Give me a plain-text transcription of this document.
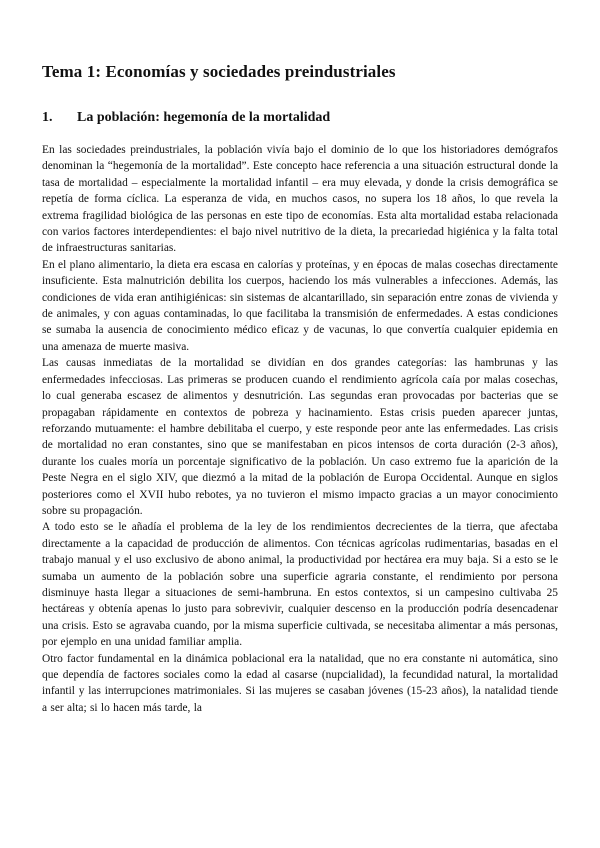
Tema 1: Economías y sociedades preindustriales
1.	La población: hegemonía de la mortalidad

En las sociedades preindustriales, la población vivía bajo el dominio de lo que los historiadores demógrafos denominan la “hegemonía de la mortalidad”. Este concepto hace referencia a una situación estructural donde la tasa de mortalidad – especialmente la mortalidad infantil – era muy elevada, y donde la crisis demográfica se repetía de forma cíclica. La esperanza de vida, en muchos casos, no supera los 18 años, lo que revela la extrema fragilidad biológica de las personas en este tipo de economías. Esta alta mortalidad estaba relacionada con varios factores interdependientes: el bajo nivel nutritivo de la dieta, la precariedad higiénica y la falta total de infraestructuras sanitarias.

En el plano alimentario, la dieta era escasa en calorías y proteínas, y en épocas de malas cosechas directamente insuficiente. Esta malnutrición debilita los cuerpos, haciendo los más vulnerables a infecciones. Además, las condiciones de vida eran antihigiénicas: sin sistemas de alcantarillado, sin separación entre zonas de vivienda y de animales, y con aguas contaminadas, lo que facilitaba la transmisión de enfermedades. A estas condiciones se sumaba la ausencia de conocimiento médico eficaz y de vacunas, lo que convertía cualquier epidemia en una amenaza de muerte masiva.

Las causas inmediatas de la mortalidad se dividían en dos grandes categorías: las hambrunas y las enfermedades infecciosas. Las primeras se producen cuando el rendimiento agrícola caía por malas cosechas, lo cual generaba escasez de alimentos y desnutrición. Las segundas eran provocadas por bacterias que se propagaban rápidamente en contextos de pobreza y hacinamiento. Estas crisis pueden aparecer juntas, reforzando mutuamente: el hambre debilitaba el cuerpo, y este responde peor ante las enfermedades. Las crisis de mortalidad no eran constantes, sino que se manifestaban en picos intensos de corta duración (2-3 años), durante los cuales moría un porcentaje significativo de la población. Un caso extremo fue la aparición de la Peste Negra en el siglo XIV, que diezmó a la mitad de la población de Europa Occidental. Aunque en siglos posteriores como el XVII hubo rebotes, ya no tuvieron el mismo impacto gracias a un mayor conocimiento sobre su propagación.

A todo esto se le añadía el problema de la ley de los rendimientos decrecientes de la tierra, que afectaba directamente a la capacidad de producción de alimentos. Con técnicas agrícolas rudimentarias, basadas en el trabajo manual y el uso exclusivo de abono animal, la productividad por hectárea era muy baja. Si a esto se le sumaba un aumento de la población sobre una superficie agraria constante, el rendimiento por persona disminuye hasta llegar a situaciones de semi-hambruna. En estos contextos, si un campesino cultivaba 25 hectáreas y obtenía apenas lo justo para sobrevivir, cualquier descenso en la producción podría desencadenar una crisis. Esto se agravaba cuando, por la misma superficie cultivada, se necesitaba alimentar a más personas, por ejemplo en una unidad familiar amplia.

Otro factor fundamental en la dinámica poblacional era la natalidad, que no era constante ni automática, sino que dependía de factores sociales como la edad al casarse (nupcialidad), la fecundidad natural, la mortalidad infantil y las interrupciones matrimoniales. Si las mujeres se casaban jóvenes (15-23 años), la natalidad tiende a ser alta; si lo hacen más tarde, la
